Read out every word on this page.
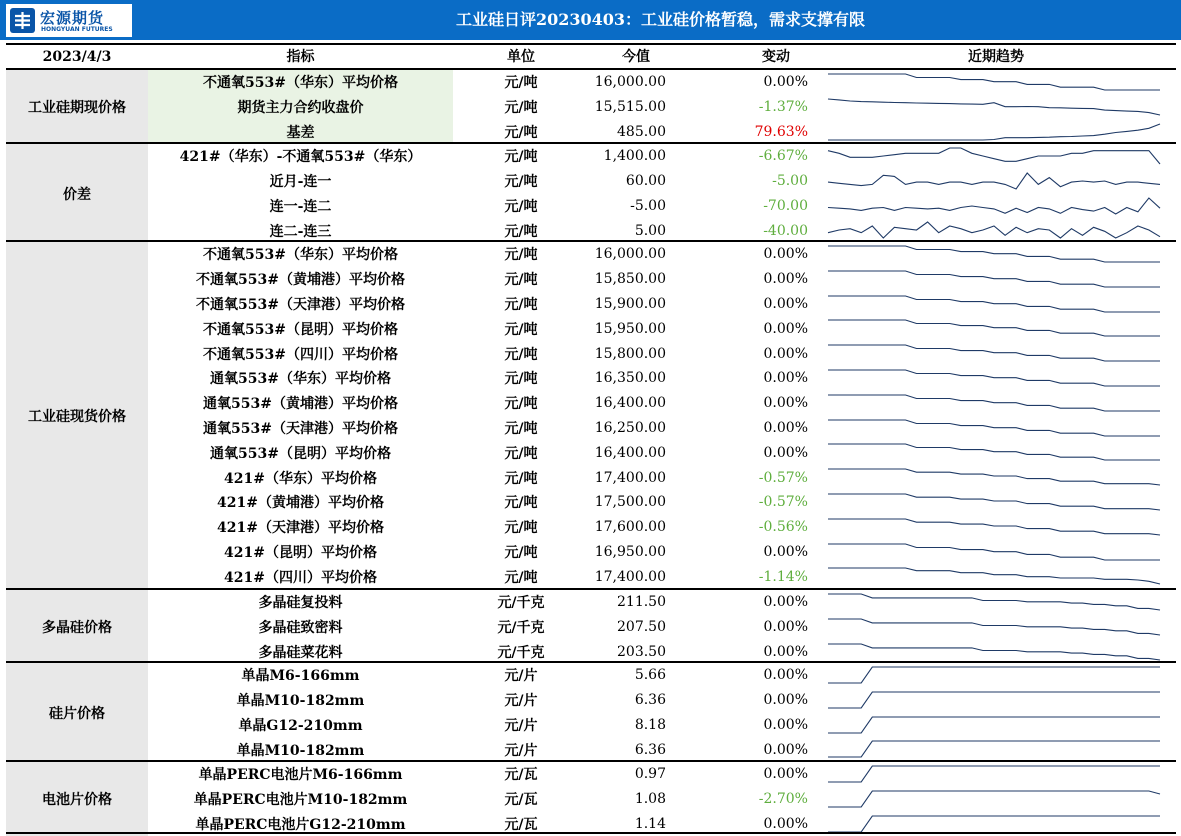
宏源期货
HONGYUAN FUTURES
工业硅日评20230403：工业硅价格暂稳，需求支撑有限
2023/4/3	指标	单位	今值	变动	近期趋势
工业硅期现价格
不通氧553#（华东）平均价格	元/吨	16,000.00	0.00%
期货主力合约收盘价	元/吨	15,515.00	-1.37%
基差	元/吨	485.00	79.63%
价差
421#（华东）-不通氧553#（华东）	元/吨	1,400.00	-6.67%
近月-连一	元/吨	60.00	-5.00
连一-连二	元/吨	-5.00	-70.00
连二-连三	元/吨	5.00	-40.00
工业硅现货价格
不通氧553#（华东）平均价格	元/吨	16,000.00	0.00%
不通氧553#（黄埔港）平均价格	元/吨	15,850.00	0.00%
不通氧553#（天津港）平均价格	元/吨	15,900.00	0.00%
不通氧553#（昆明）平均价格	元/吨	15,950.00	0.00%
不通氧553#（四川）平均价格	元/吨	15,800.00	0.00%
通氧553#（华东）平均价格	元/吨	16,350.00	0.00%
通氧553#（黄埔港）平均价格	元/吨	16,400.00	0.00%
通氧553#（天津港）平均价格	元/吨	16,250.00	0.00%
通氧553#（昆明）平均价格	元/吨	16,400.00	0.00%
421#（华东）平均价格	元/吨	17,400.00	-0.57%
421#（黄埔港）平均价格	元/吨	17,500.00	-0.57%
421#（天津港）平均价格	元/吨	17,600.00	-0.56%
421#（昆明）平均价格	元/吨	16,950.00	0.00%
421#（四川）平均价格	元/吨	17,400.00	-1.14%
多晶硅价格
多晶硅复投料	元/千克	211.50	0.00%
多晶硅致密料	元/千克	207.50	0.00%
多晶硅菜花料	元/千克	203.50	0.00%
硅片价格
单晶M6-166mm	元/片	5.66	0.00%
单晶M10-182mm	元/片	6.36	0.00%
单晶G12-210mm	元/片	8.18	0.00%
单晶M10-182mm	元/片	6.36	0.00%
电池片价格
单晶PERC电池片M6-166mm	元/瓦	0.97	0.00%
单晶PERC电池片M10-182mm	元/瓦	1.08	-2.70%
单晶PERC电池片G12-210mm	元/瓦	1.14	0.00%
